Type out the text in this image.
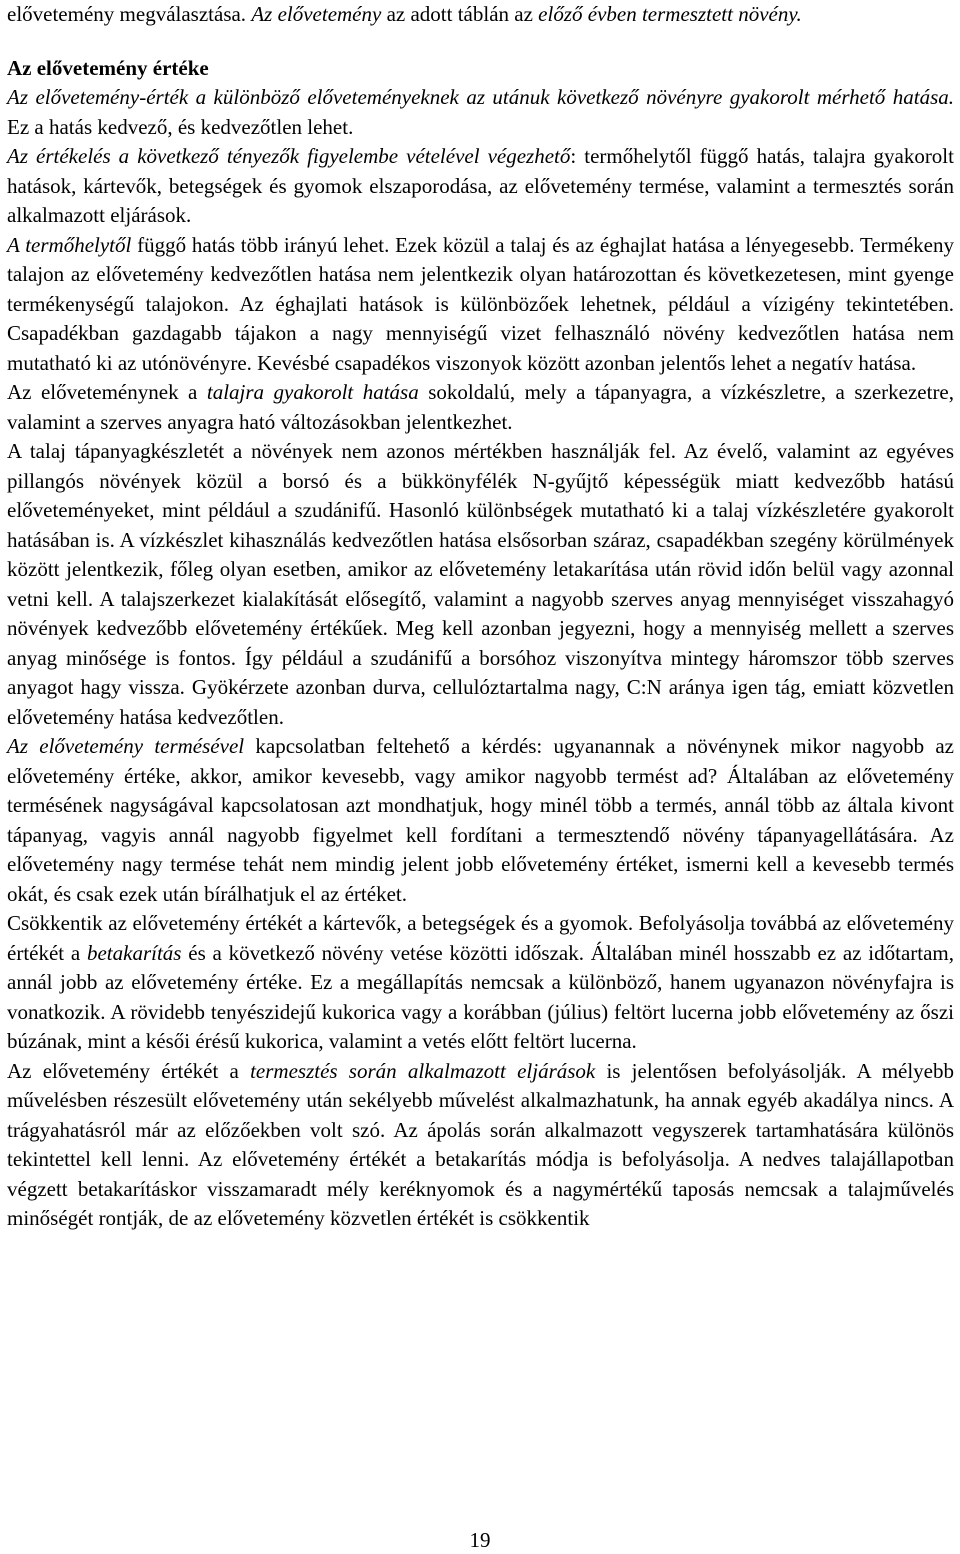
elővetemény megválasztása. Az elővetemény az adott táblán az előző évben termesztett növény.

Az elővetemény értéke

Az elővetemény-érték a különböző előveteményeknek az utánuk következő növényre gyakorolt mérhető hatása. Ez a hatás kedvező, és kedvezőtlen lehet.

Az értékelés a következő tényezők figyelembe vételével végezhető: termőhelytől függő hatás, talajra gyakorolt hatások, kártevők, betegségek és gyomok elszaporodása, az elővetemény termése, valamint a termesztés során alkalmazott eljárások.

A termőhelytől függő hatás több irányú lehet. Ezek közül a talaj és az éghajlat hatása a lényegesebb. Termékeny talajon az elővetemény kedvezőtlen hatása nem jelentkezik olyan határozottan és következetesen, mint gyenge termékenységű talajokon. Az éghajlati hatások is különbözőek lehetnek, például a vízigény tekintetében. Csapadékban gazdagabb tájakon a nagy mennyiségű vizet felhasználó növény kedvezőtlen hatása nem mutatható ki az utónövényre. Kevésbé csapadékos viszonyok között azonban jelentős lehet a negatív hatása.

Az előveteménynek a talajra gyakorolt hatása sokoldalú, mely a tápanyagra, a vízkészletre, a szerkezetre, valamint a szerves anyagra ható változásokban jelentkezhet.

A talaj tápanyagkészletét a növények nem azonos mértékben használják fel. Az évelő, valamint az egyéves pillangós növények közül a borsó és a bükkönyfélék N-gyűjtő képességük miatt kedvezőbb hatású előveteményeket, mint például a szudánifű. Hasonló különbségek mutatható ki a talaj vízkészletére gyakorolt hatásában is. A vízkészlet kihasználás kedvezőtlen hatása elsősorban száraz, csapadékban szegény körülmények között jelentkezik, főleg olyan esetben, amikor az elővetemény letakarítása után rövid időn belül vagy azonnal vetni kell. A talajszerkezet kialakítását elősegítő, valamint a nagyobb szerves anyag mennyiséget visszahagyó növények kedvezőbb elővetemény értékűek. Meg kell azonban jegyezni, hogy a mennyiség mellett a szerves anyag minősége is fontos. Így például a szudánifű a borsóhoz viszonyítva mintegy háromszor több szerves anyagot hagy vissza. Gyökérzete azonban durva, cellulóztartalma nagy, C:N aránya igen tág, emiatt közvetlen elővetemény hatása kedvezőtlen.

Az elővetemény termésével kapcsolatban feltehető a kérdés: ugyanannak a növénynek mikor nagyobb az elővetemény értéke, akkor, amikor kevesebb, vagy amikor nagyobb termést ad? Általában az elővetemény termésének nagyságával kapcsolatosan azt mondhatjuk, hogy minél több a termés, annál több az általa kivont tápanyag, vagyis annál nagyobb figyelmet kell fordítani a termesztendő növény tápanyagellátására. Az elővetemény nagy termése tehát nem mindig jelent jobb elővetemény értéket, ismerni kell a kevesebb termés okát, és csak ezek után bírálhatjuk el az értéket.

Csökkentik az elővetemény értékét a kártevők, a betegségek és a gyomok. Befolyásolja továbbá az elővetemény értékét a betakarítás és a következő növény vetése közötti időszak. Általában minél hosszabb ez az időtartam, annál jobb az elővetemény értéke. Ez a megállapítás nemcsak a különböző, hanem ugyanazon növényfajra is vonatkozik. A rövidebb tenyészidejű kukorica vagy a korábban (július) feltört lucerna jobb elővetemény az őszi búzának, mint a késői érésű kukorica, valamint a vetés előtt feltört lucerna.

Az elővetemény értékét a termesztés során alkalmazott eljárások is jelentősen befolyásolják. A mélyebb művelésben részesült elővetemény után sekélyebb művelést alkalmazhatunk, ha annak egyéb akadálya nincs. A trágyahatásról már az előzőekben volt szó. Az ápolás során alkalmazott vegyszerek tartamhatására különös tekintettel kell lenni. Az elővetemény értékét a betakarítás módja is befolyásolja. A nedves talajállapotban végzett betakarításkor visszamaradt mély keréknyomok és a nagymértékű taposás nemcsak a talajművelés minőségét rontják, de az elővetemény közvetlen értékét is csökkentik

19
